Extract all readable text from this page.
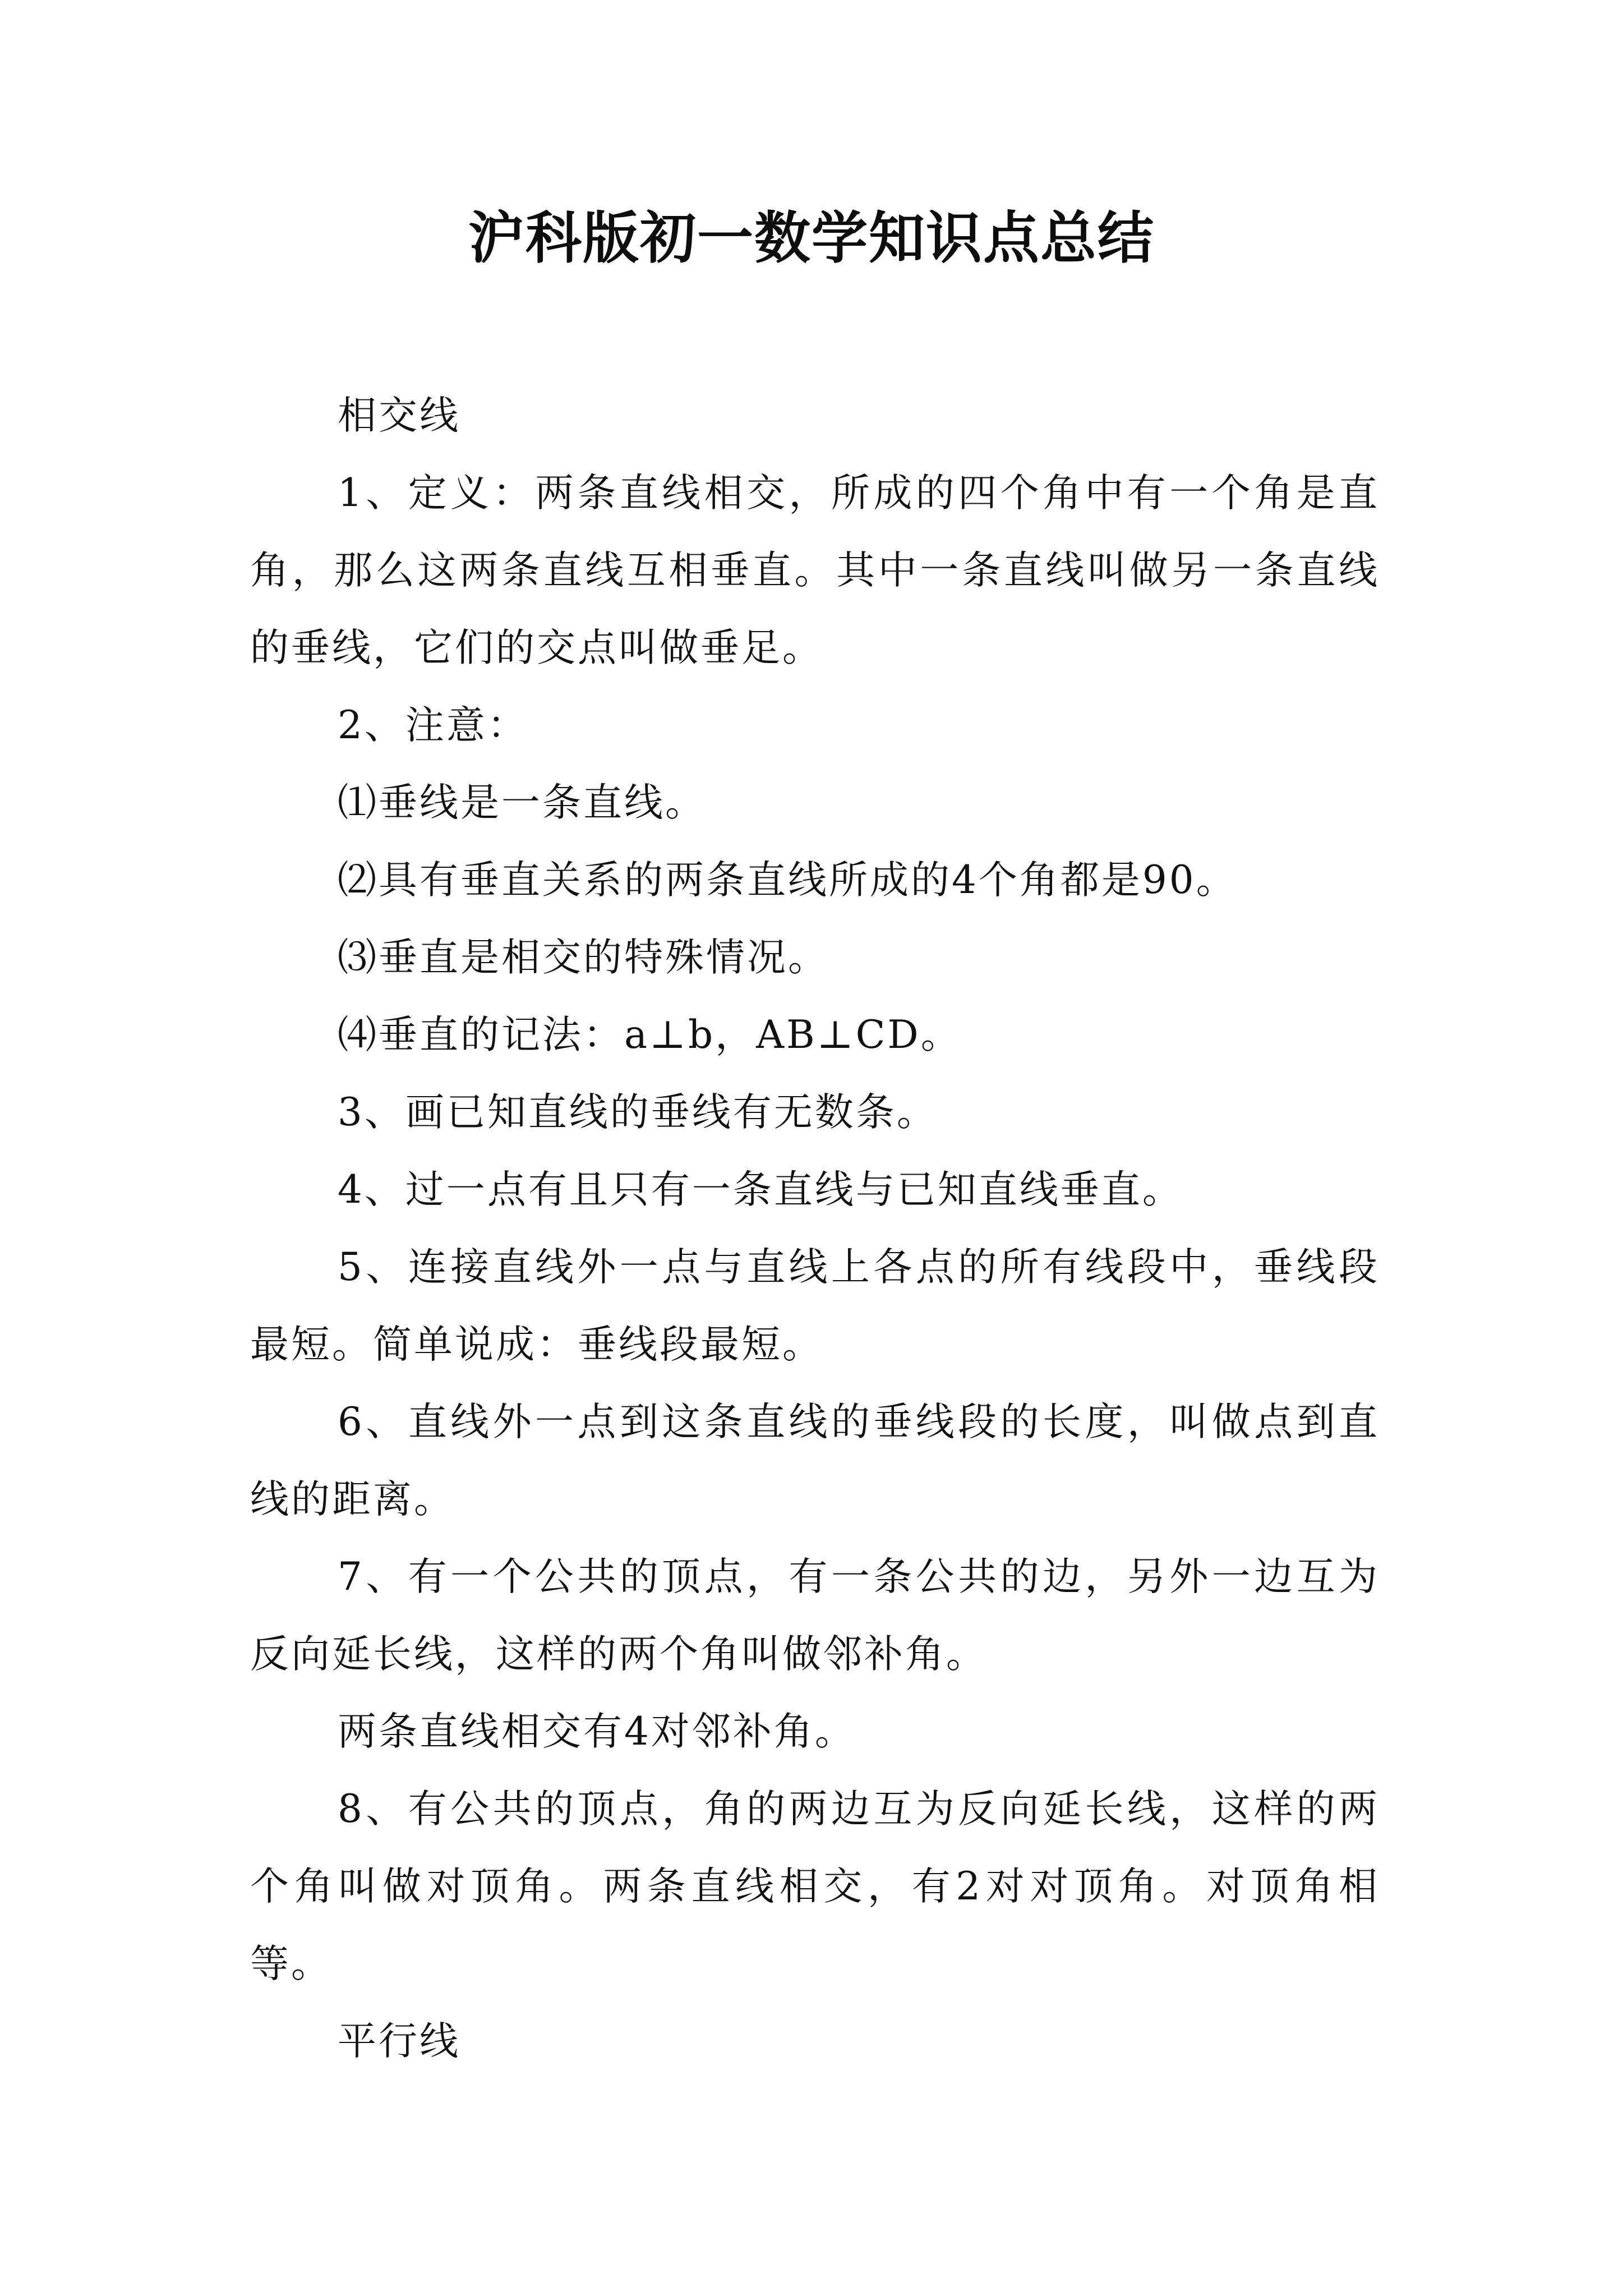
沪科版初一数学知识点总结

相交线

1、定义：两条直线相交，所成的四个角中有一个角是直角，那么这两条直线互相垂直。其中一条直线叫做另一条直线的垂线，它们的交点叫做垂足。

2、注意：

⑴垂线是一条直线。

⑵具有垂直关系的两条直线所成的4个角都是90。

⑶垂直是相交的特殊情况。

⑷垂直的记法：a⊥b，AB⊥CD。

3、画已知直线的垂线有无数条。

4、过一点有且只有一条直线与已知直线垂直。

5、连接直线外一点与直线上各点的所有线段中，垂线段最短。简单说成：垂线段最短。

6、直线外一点到这条直线的垂线段的长度，叫做点到直线的距离。

7、有一个公共的顶点，有一条公共的边，另外一边互为反向延长线，这样的两个角叫做邻补角。

两条直线相交有4对邻补角。

8、有公共的顶点，角的两边互为反向延长线，这样的两个角叫做对顶角。两条直线相交，有2对对顶角。对顶角相等。

平行线
